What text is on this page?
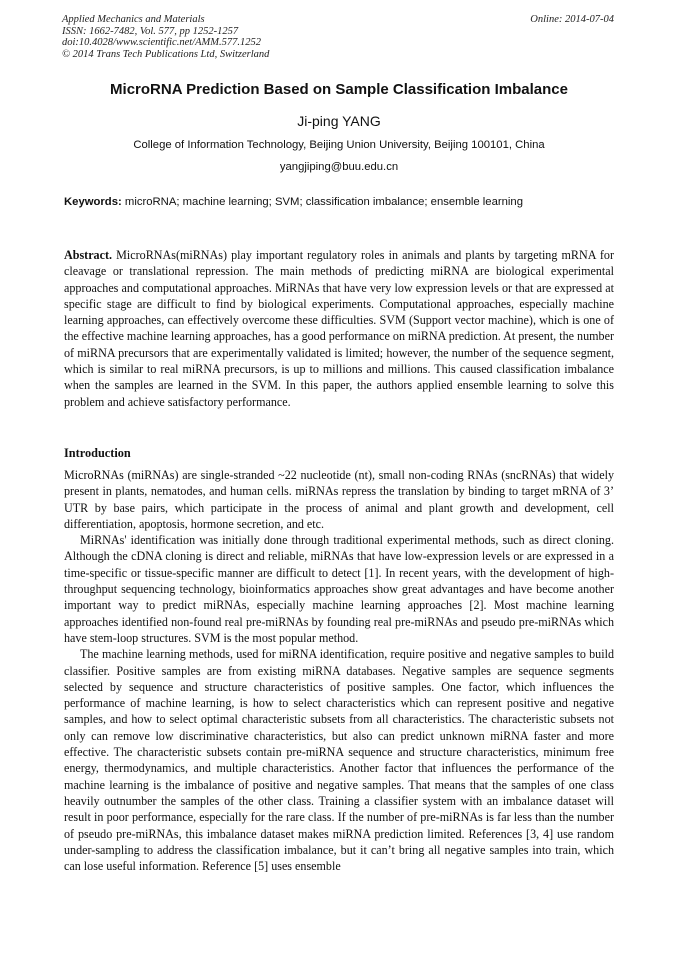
Applied Mechanics and Materials
ISSN: 1662-7482, Vol. 577, pp 1252-1257
doi:10.4028/www.scientific.net/AMM.577.1252
© 2014 Trans Tech Publications Ltd, Switzerland
Online: 2014-07-04
MicroRNA Prediction Based on Sample Classification Imbalance
Ji-ping YANG
College of Information Technology, Beijing Union University, Beijing 100101, China
yangjiping@buu.edu.cn
Keywords: microRNA; machine learning; SVM; classification imbalance; ensemble learning

Abstract. MicroRNAs(miRNAs) play important regulatory roles in animals and plants by targeting mRNA for cleavage or translational repression. The main methods of predicting miRNA are biological experimental approaches and computational approaches. MiRNAs that have very low expression levels or that are expressed at specific stage are difficult to find by biological experiments. Computational approaches, especially machine learning approaches, can effectively overcome these difficulties. SVM (Support vector machine), which is one of the effective machine learning approaches, has a good performance on miRNA prediction. At present, the number of miRNA precursors that are experimentally validated is limited; however, the number of the sequence segment, which is similar to real miRNA precursors, is up to millions and millions. This caused classification imbalance when the samples are learned in the SVM. In this paper, the authors applied ensemble learning to solve this problem and achieve satisfactory performance.

Introduction

MicroRNAs (miRNAs) are single-stranded ~22 nucleotide (nt), small non-coding RNAs (sncRNAs) that widely present in plants, nematodes, and human cells. miRNAs repress the translation by binding to target mRNA of 3’ UTR by base pairs, which participate in the process of animal and plant growth and development, cell differentiation, apoptosis, hormone secretion, and etc.

MiRNAs' identification was initially done through traditional experimental methods, such as direct cloning. Although the cDNA cloning is direct and reliable, miRNAs that have low-expression levels or are expressed in a time-specific or tissue-specific manner are difficult to detect [1]. In recent years, with the development of high-throughput sequencing technology, bioinformatics approaches show great advantages and have become another important way to predict miRNAs, especially machine learning approaches [2]. Most machine learning approaches identified non-found real pre-miRNAs by founding real pre-miRNAs and pseudo pre-miRNAs which have stem-loop structures. SVM is the most popular method.

The machine learning methods, used for miRNA identification, require positive and negative samples to build classifier. Positive samples are from existing miRNA databases. Negative samples are sequence segments selected by sequence and structure characteristics of positive samples. One factor, which influences the performance of machine learning, is how to select characteristics which can represent positive and negative samples, and how to select optimal characteristic subsets from all characteristics. The characteristic subsets not only can remove low discriminative characteristics, but also can predict unknown miRNA faster and more effective. The characteristic subsets contain pre-miRNA sequence and structure characteristics, minimum free energy, thermodynamics, and multiple characteristics. Another factor that influences the performance of the machine learning is the imbalance of positive and negative samples. That means that the samples of one class heavily outnumber the samples of the other class. Training a classifier system with an imbalance dataset will result in poor performance, especially for the rare class. If the number of pre-miRNAs is far less than the number of pseudo pre-miRNAs, this imbalance dataset makes miRNA prediction limited. References [3, 4] use random under-sampling to address the classification imbalance, but it can’t bring all negative samples into train, which can lose useful information. Reference [5] uses ensemble
